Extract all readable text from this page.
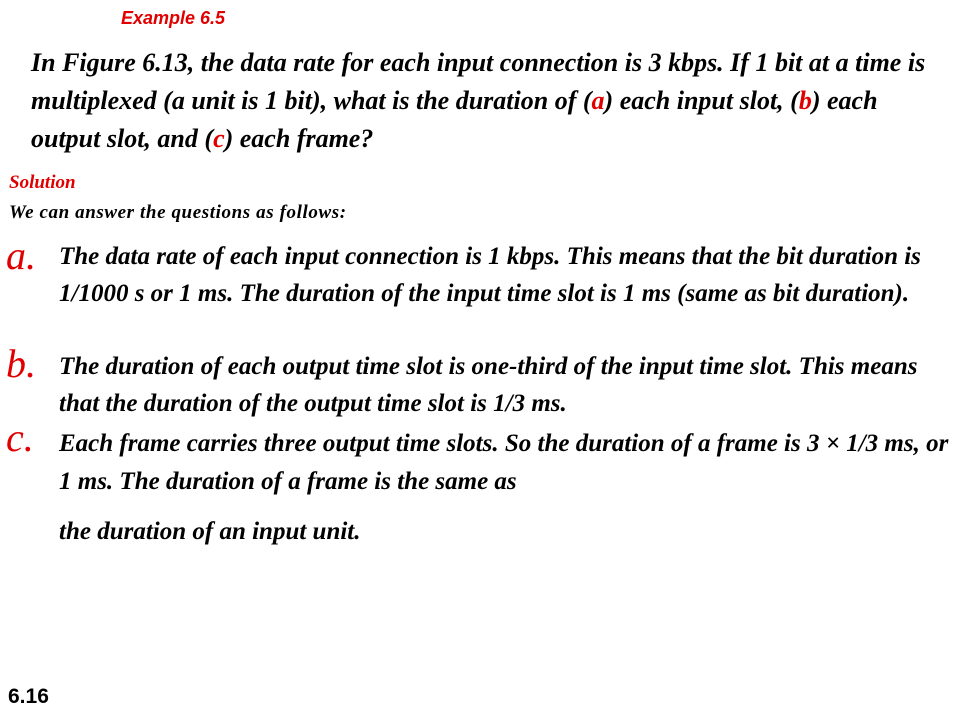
Example 6.5

In Figure 6.13, the data rate for each input connection is 3 kbps. If 1 bit at a time is multiplexed (a unit is 1 bit), what is the duration of (a) each input slot, (b) each output slot, and (c) each frame?

Solution

We can answer the questions as follows:

a. The data rate of each input connection is 1 kbps. This means that the bit duration is 1/1000 s or 1 ms. The duration of the input time slot is 1 ms (same as bit duration).

b. The duration of each output time slot is one-third of the input time slot. This means that the duration of the output time slot is 1/3 ms.

c. Each frame carries three output time slots. So the duration of a frame is 3 × 1/3 ms, or 1 ms. The duration of a frame is the same as
the duration of an input unit.

6.16
